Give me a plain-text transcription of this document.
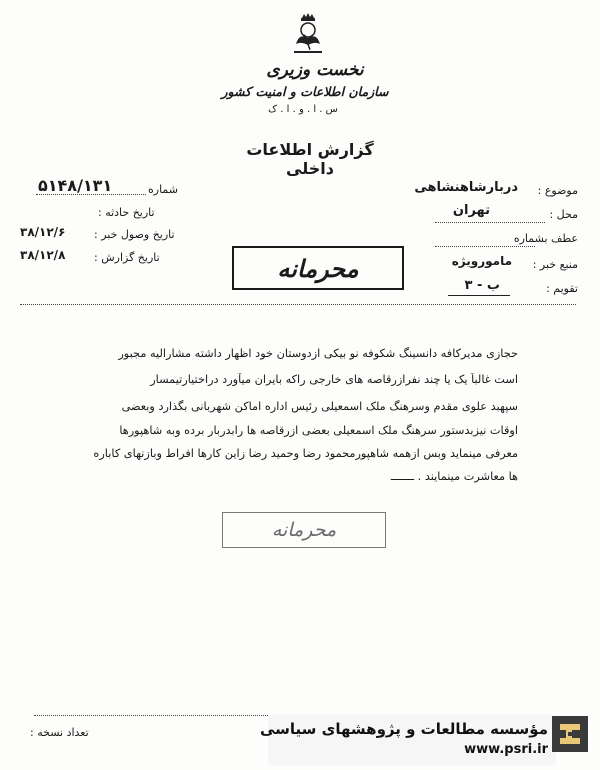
نخست وزیری
سازمان اطلاعات و امنیت کشور
س . ا . و . ا . ک
گزارش اطلاعات داخلی
موضوع :
دربارشاهنشاهی
محل :
تهران
عطف بشماره
منبع خبر :
مامورویژه
تقویم :
ب - ۳
شماره
۵۱۴۸/۱۳۱
تاریخ حادثه :
تاریخ وصول خبر :
۳۸/۱۲/۶
تاریخ گزارش :
۳۸/۱۲/۸	محرمانه
حجازی مدیرکافه دانسینگ شکوفه نو بیکی ازدوستان خود اظهار داشته مشارالیه مجبور
است غالباً یک یا چند نفرازرقاصه های خارجی راکه بایران میآورد دراختیارتیمسار
سپهبد علوی مقدم وسرهنگ ملک اسمعیلی رئیس اداره اماکن شهربانی بگذارد وبعضی
اوقات نیزبدستور سرهنگ ملک اسمعیلی بعضی ازرقاصه ها رابدربار برده وبه شاهپورها
معرفی مینماید وبس ازهمه شاهپورمحمود رضا وحمید رضا زاین کارها افراط وبازنهای کاباره
ها معاشرت مینمایند . ـــــــ
محرمانه
تعداد نسخه :	مؤسسه مطالعات و پژوهشهای سیاسی
www.psri.ir
